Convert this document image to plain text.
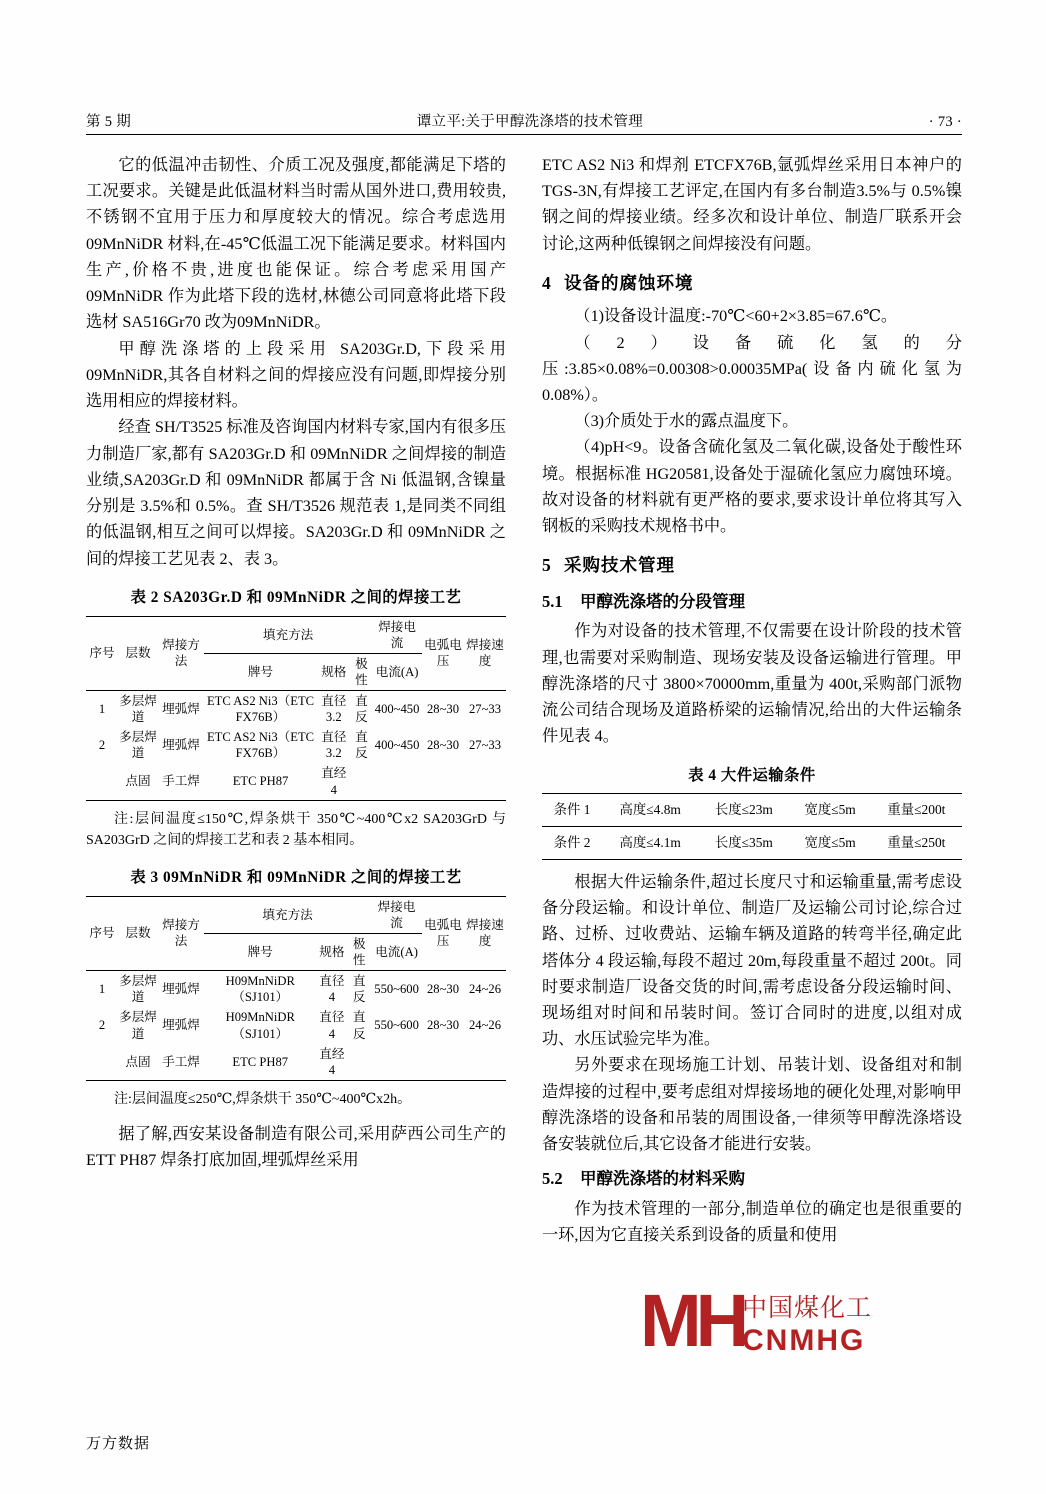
第 5 期	谭立平:关于甲醇洗涤塔的技术管理	· 73 ·

它的低温冲击韧性、介质工况及强度,都能满足下塔的工况要求。关键是此低温材料当时需从国外进口,费用较贵,不锈钢不宜用于压力和厚度较大的情况。综合考虑选用 09MnNiDR 材料,在-45℃低温工况下能满足要求。材料国内生产,价格不贵,进度也能保证。综合考虑采用国产 09MnNiDR 作为此塔下段的选材,林德公司同意将此塔下段选材 SA516Gr70 改为09MnNiDR。

甲醇洗涤塔的上段采用 SA203Gr.D,下段采用 09MnNiDR,其各自材料之间的焊接应没有问题,即焊接分别选用相应的焊接材料。

经查 SH/T3525 标准及咨询国内材料专家,国内有很多压力制造厂家,都有 SA203Gr.D 和 09MnNiDR 之间焊接的制造业绩,SA203Gr.D 和 09MnNiDR 都属于含 Ni 低温钢,含镍量分别是 3.5%和 0.5%。查 SH/T3526 规范表 1,是同类不同组的低温钢,相互之间可以焊接。SA203Gr.D 和 09MnNiDR 之间的焊接工艺见表 2、表 3。

表 2 SA203Gr.D 和 09MnNiDR 之间的焊接工艺
序号	层数	焊接方法	填充方法			焊接电流	电弧电压	焊接速度
			牌号	规格	极性	电流(A)		
1	多层焊道	埋弧焊	ETC AS2 Ni3（ETC FX76B）	直径 3.2	直反	400~450	28~30	27~33
2	多层焊道	埋弧焊	ETC AS2 Ni3（ETC FX76B）	直径 3.2	直反	400~450	28~30	27~33
	点固	手工焊	ETC PH87	直经 4				

注:层间温度≤150℃,焊条烘干 350℃~400℃x2 SA203GrD 与 SA203GrD 之间的焊接工艺和表 2 基本相同。

表 3 09MnNiDR 和 09MnNiDR 之间的焊接工艺
序号	层数	焊接方法	填充方法			焊接电流	电弧电压	焊接速度
			牌号	规格	极性	电流(A)		
1	多层焊道	埋弧焊	H09MnNiDR（SJ101）	直径 4	直反	550~600	28~30	24~26
2	多层焊道	埋弧焊	H09MnNiDR（SJ101）	直径 4	直反	550~600	28~30	24~26
	点固	手工焊	ETC PH87	直经 4				

注:层间温度≤250℃,焊条烘干 350℃~400℃x2h。

据了解,西安某设备制造有限公司,采用萨西公司生产的 ETT PH87 焊条打底加固,埋弧焊丝采用

ETC AS2 Ni3 和焊剂 ETCFX76B,氩弧焊丝采用日本神户的 TGS-3N,有焊接工艺评定,在国内有多台制造3.5%与 0.5%镍钢之间的焊接业绩。经多次和设计单位、制造厂联系开会讨论,这两种低镍钢之间焊接没有问题。

4 设备的腐蚀环境

（1)设备设计温度:-70℃<60+2×3.85=67.6℃。

（2）设备硫化氢的分压:3.85×0.08%=0.00308>0.00035MPa(设备内硫化氢为 0.08%）。

（3)介质处于水的露点温度下。

（4)pH<9。设备含硫化氢及二氧化碳,设备处于酸性环境。根据标准 HG20581,设备处于湿硫化氢应力腐蚀环境。故对设备的材料就有更严格的要求,要求设计单位将其写入钢板的采购技术规格书中。

5 采购技术管理
5.1 甲醇洗涤塔的分段管理

作为对设备的技术管理,不仅需要在设计阶段的技术管理,也需要对采购制造、现场安装及设备运输进行管理。甲醇洗涤塔的尺寸 3800×70000mm,重量为 400t,采购部门派物流公司结合现场及道路桥梁的运输情况,给出的大件运输条件见表 4。

表 4 大件运输条件
条件 1	高度≤4.8m	长度≤23m	宽度≤5m	重量≤200t
条件 2	高度≤4.1m	长度≤35m	宽度≤5m	重量≤250t

根据大件运输条件,超过长度尺寸和运输重量,需考虑设备分段运输。和设计单位、制造厂及运输公司讨论,综合过路、过桥、过收费站、运输车辆及道路的转弯半径,确定此塔体分 4 段运输,每段不超过 20m,每段重量不超过 200t。同时要求制造厂设备交货的时间,需考虑设备分段运输时间、现场组对时间和吊装时间。签订合同时的进度,以组对成功、水压试验完毕为准。

另外要求在现场施工计划、吊装计划、设备组对和制造焊接的过程中,要考虑组对焊接场地的硬化处理,对影响甲醇洗涤塔的设备和吊装的周围设备,一律须等甲醇洗涤塔设备安装就位后,其它设备才能进行安装。

5.2 甲醇洗涤塔的材料采购

作为技术管理的一部分,制造单位的确定也是很重要的一环,因为它直接关系到设备的质量和使用

MH
中国煤化工
CNMHG
万方数据
